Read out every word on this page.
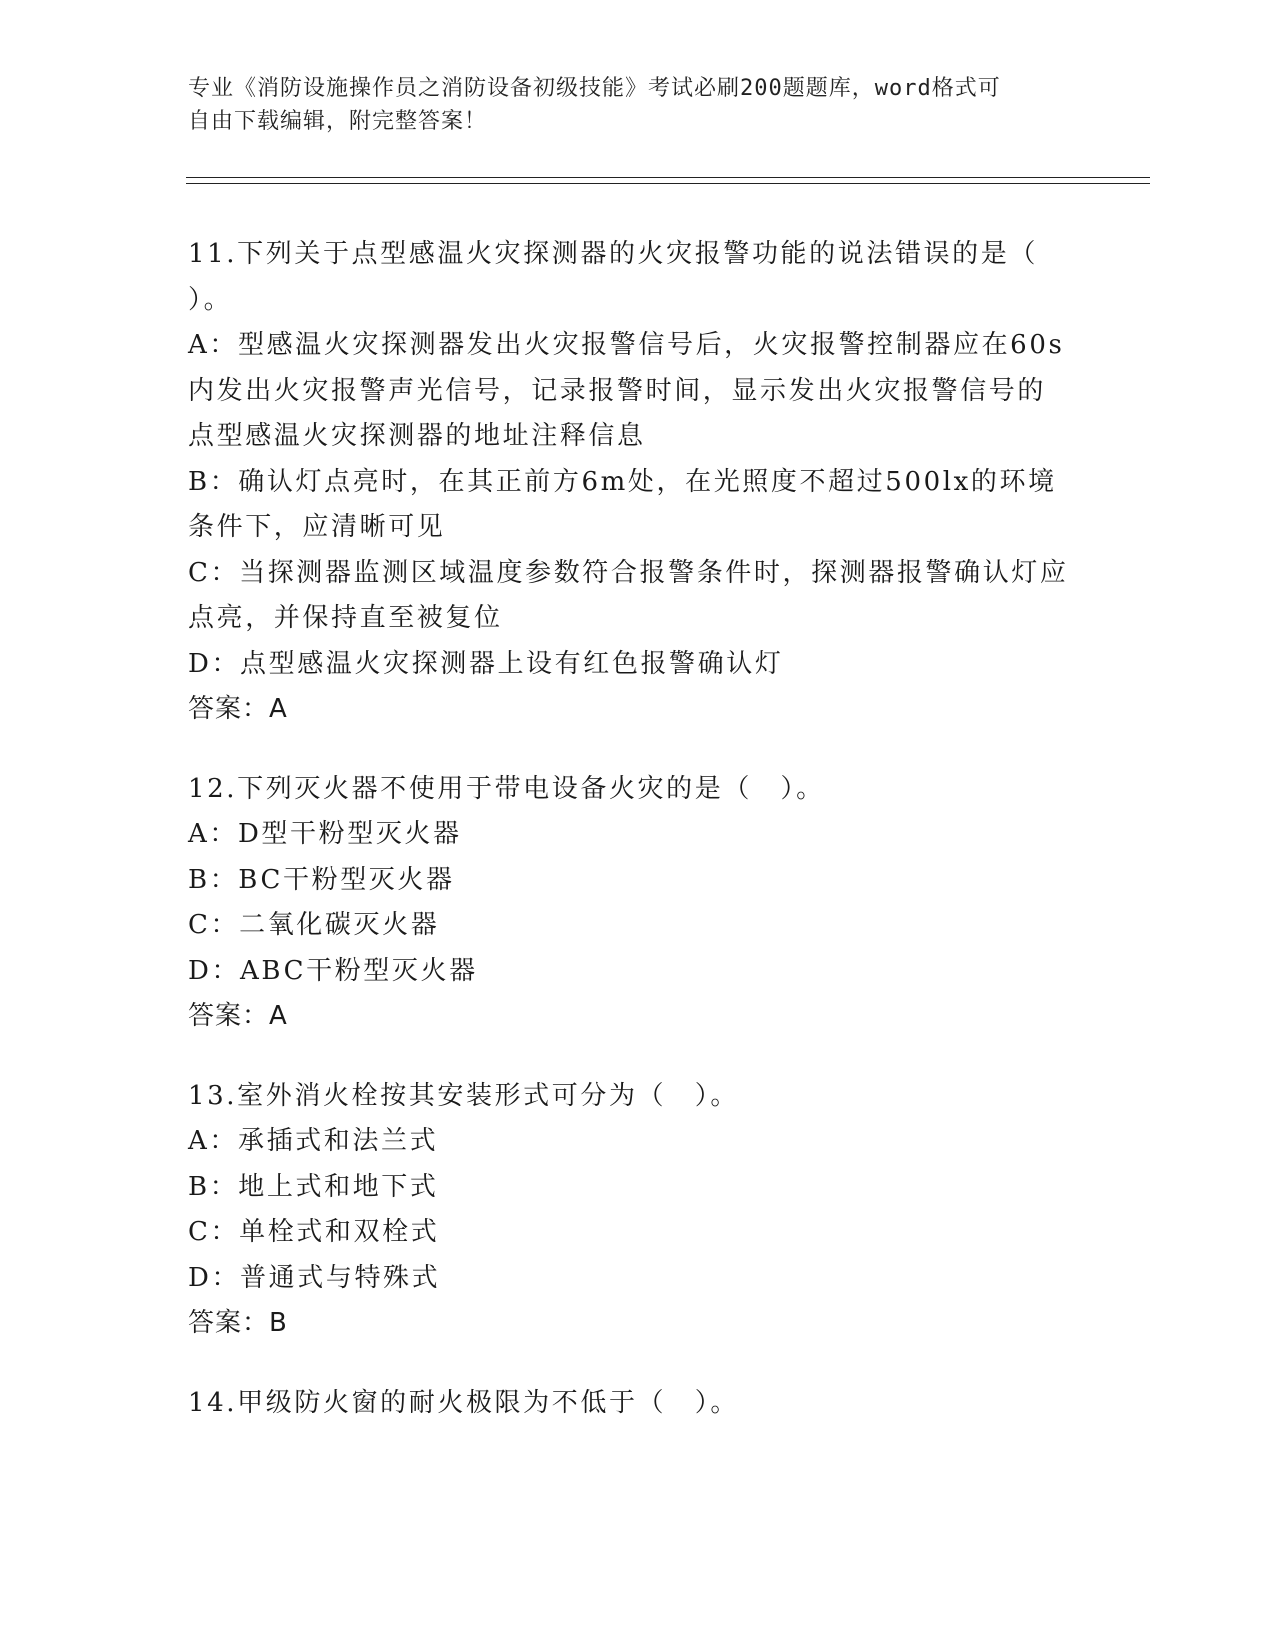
专业《消防设施操作员之消防设备初级技能》考试必刷200题题库，word格式可
自由下载编辑，附完整答案！
11.下列关于点型感温火灾探测器的火灾报警功能的说法错误的是（
）。
A：型感温火灾探测器发出火灾报警信号后，火灾报警控制器应在60s
内发出火灾报警声光信号，记录报警时间，显示发出火灾报警信号的
点型感温火灾探测器的地址注释信息
B：确认灯点亮时，在其正前方6m处，在光照度不超过500lx的环境
条件下，应清晰可见
C：当探测器监测区域温度参数符合报警条件时，探测器报警确认灯应
点亮，并保持直至被复位
D：点型感温火灾探测器上设有红色报警确认灯
答案：A
12.下列灭火器不使用于带电设备火灾的是（　）。
A：D型干粉型灭火器
B：BC干粉型灭火器
C：二氧化碳灭火器
D：ABC干粉型灭火器
答案：A
13.室外消火栓按其安装形式可分为（　）。
A：承插式和法兰式
B：地上式和地下式
C：单栓式和双栓式
D：普通式与特殊式
答案：B
14.甲级防火窗的耐火极限为不低于（　）。
